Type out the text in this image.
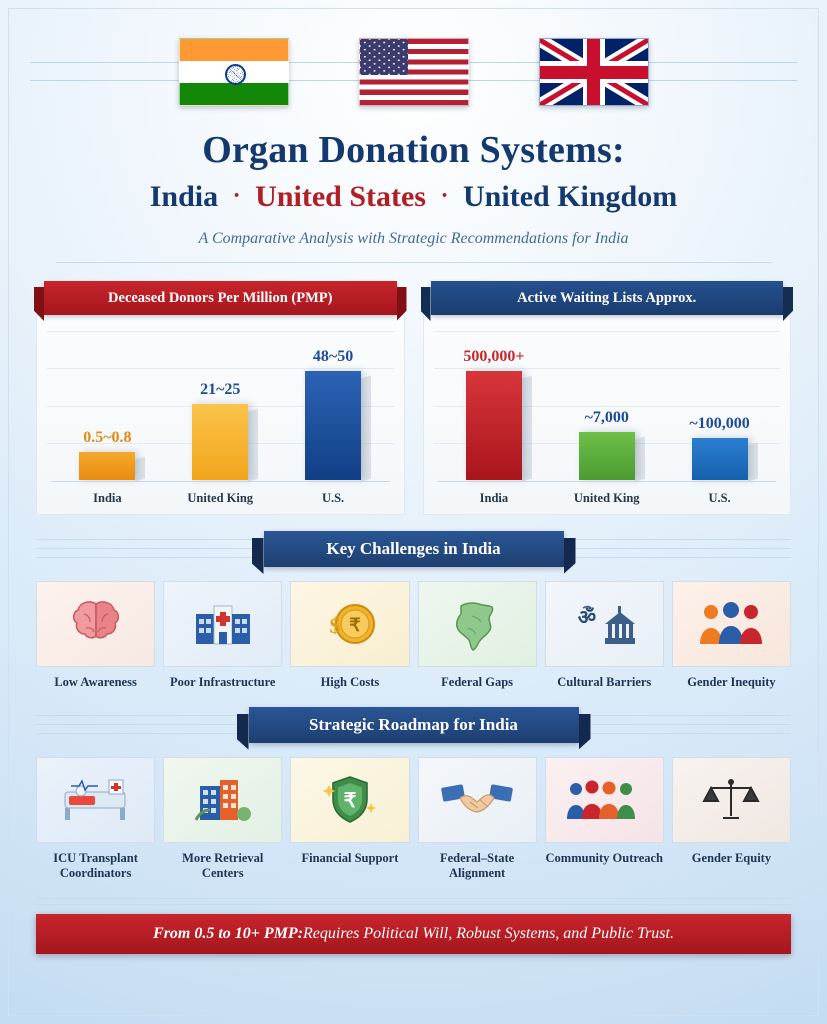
Organ Donation Systems:
India · United States · United Kingdom
A Comparative Analysis with Strategic Recommendations for India
Deceased Donors Per Million (PMP)
0.5~0.8
21~25
48~50
India	United King	U.S.
Active Waiting Lists Approx.
500,000+
~7,000	~100,000
India	United King	U.S.
Key Challenges in India
Low Awareness	Poor Infrastructure
₹
$
High Costs	Federal Gaps
ॐ
Cultural Barriers	Gender Inequity
Strategic Roadmap for India
ICU Transplant Coordinators
More Retrieval Centers
₹
Financial Support	Federal–State Alignment
Community Outreach Gender Equity
From 0.5 to 10+ PMP: Requires Political Will, Robust Systems, and Public Trust.
